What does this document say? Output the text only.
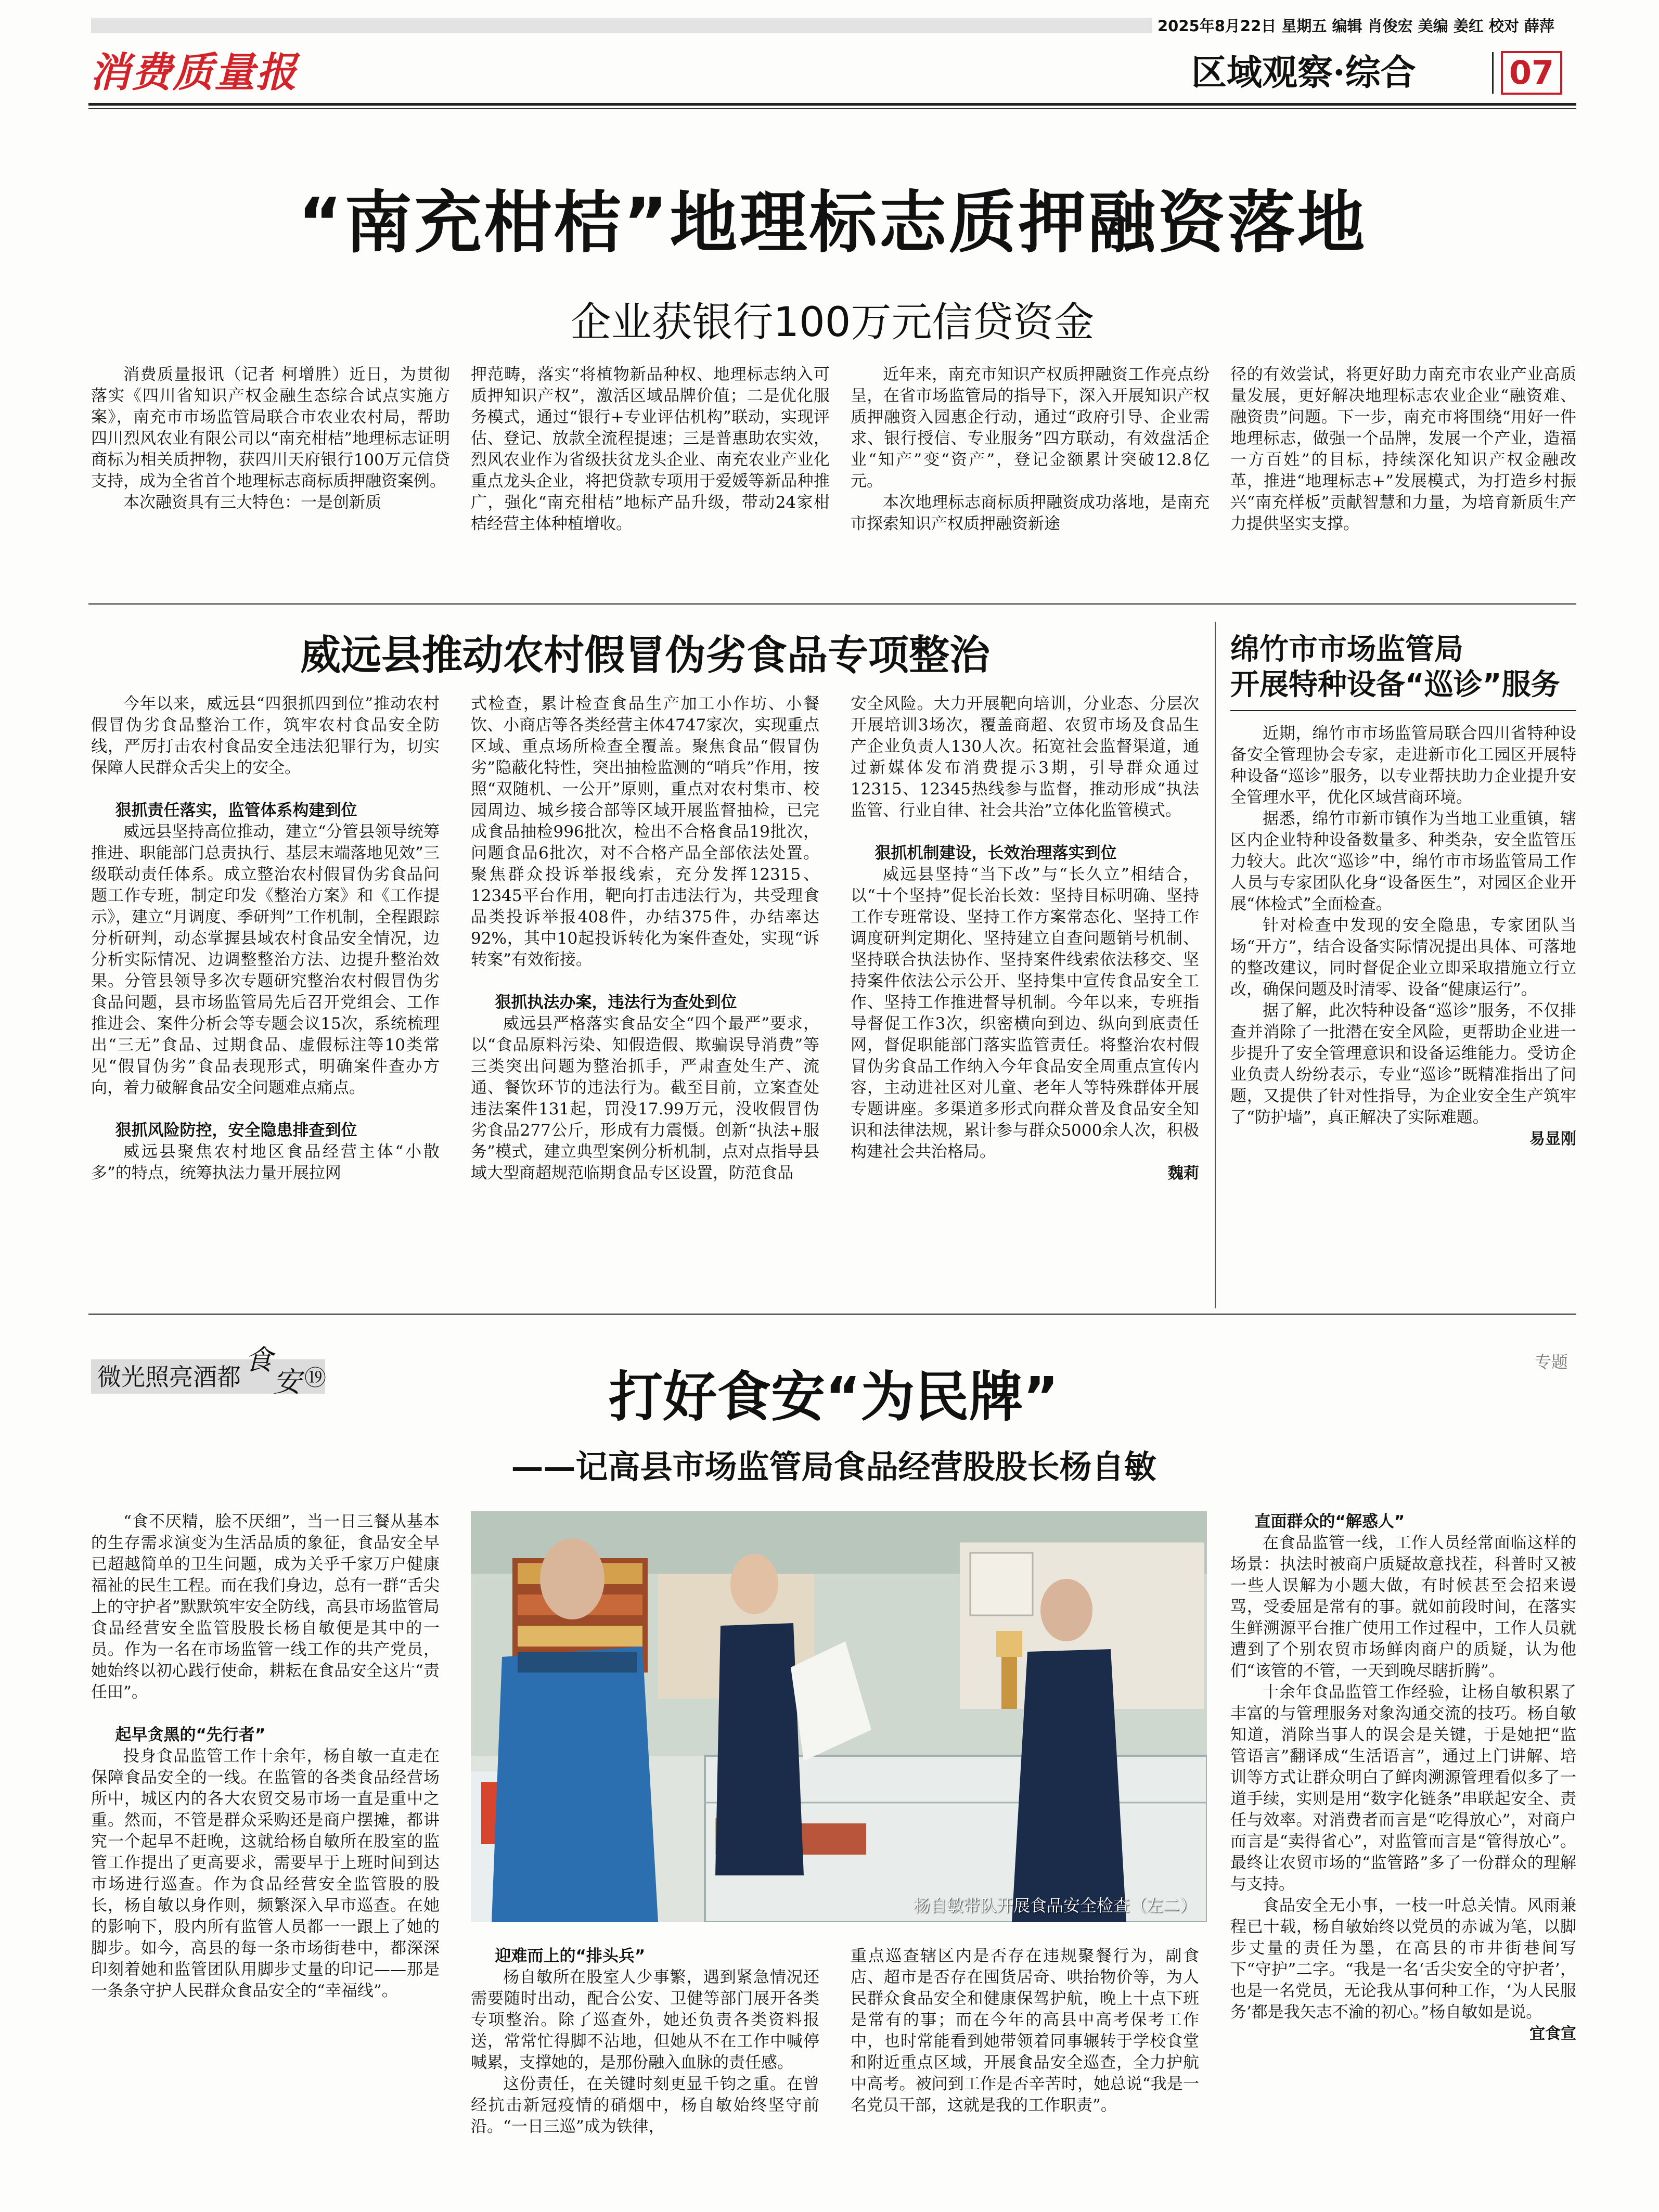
2025年8月22日 星期五 编辑 肖俊宏 美编 姜红 校对 薛萍
消费质量报	区域观察·综合	07
“南充柑桔”地理标志质押融资落地
企业获银行100万元信贷资金

消费质量报讯（记者 柯增胜）近日，为贯彻落实《四川省知识产权金融生态综合试点实施方案》，南充市市场监管局联合市农业农村局，帮助四川烈风农业有限公司以“南充柑桔”地理标志证明商标为相关质押物，获四川天府银行100万元信贷支持，成为全省首个地理标志商标质押融资案例。

本次融资具有三大特色：一是创新质

押范畴，落实“将植物新品种权、地理标志纳入可质押知识产权”，激活区域品牌价值；二是优化服务模式，通过“银行+专业评估机构”联动，实现评估、登记、放款全流程提速；三是普惠助农实效，烈风农业作为省级扶贫龙头企业、南充农业产业化重点龙头企业，将把贷款专项用于爱媛等新品种推广，强化“南充柑桔”地标产品升级，带动24家柑桔经营主体种植增收。

近年来，南充市知识产权质押融资工作亮点纷呈，在省市场监管局的指导下，深入开展知识产权质押融资入园惠企行动，通过“政府引导、企业需求、银行授信、专业服务”四方联动，有效盘活企业“知产”变“资产”，登记金额累计突破12.8亿元。

本次地理标志商标质押融资成功落地，是南充市探索知识产权质押融资新途

径的有效尝试，将更好助力南充市农业产业高质量发展，更好解决地理标志农业企业“融资难、融资贵”问题。下一步，南充市将围绕“用好一件地理标志，做强一个品牌，发展一个产业，造福一方百姓”的目标，持续深化知识产权金融改革，推进“地理标志+”发展模式，为打造乡村振兴“南充样板”贡献智慧和力量，为培育新质生产力提供坚实支撑。

威远县推动农村假冒伪劣食品专项整治

今年以来，威远县“四狠抓四到位”推动农村假冒伪劣食品整治工作，筑牢农村食品安全防线，严厉打击农村食品安全违法犯罪行为，切实保障人民群众舌尖上的安全。

狠抓责任落实，监管体系构建到位

威远县坚持高位推动，建立“分管县领导统筹推进、职能部门总责执行、基层末端落地见效”三级联动责任体系。成立整治农村假冒伪劣食品问题工作专班，制定印发《整治方案》和《工作提示》，建立“月调度、季研判”工作机制，全程跟踪分析研判，动态掌握县域农村食品安全情况，边分析实际情况、边调整整治方法、边提升整治效果。分管县领导多次专题研究整治农村假冒伪劣食品问题，县市场监管局先后召开党组会、工作推进会、案件分析会等专题会议15次，系统梳理出“三无”食品、过期食品、虚假标注等10类常见“假冒伪劣”食品表现形式，明确案件查办方向，着力破解食品安全问题难点痛点。

狠抓风险防控，安全隐患排查到位

威远县聚焦农村地区食品经营主体“小散多”的特点，统筹执法力量开展拉网

式检查，累计检查食品生产加工小作坊、小餐饮、小商店等各类经营主体4747家次，实现重点区域、重点场所检查全覆盖。聚焦食品“假冒伪劣”隐蔽化特性，突出抽检监测的“哨兵”作用，按照“双随机、一公开”原则，重点对农村集市、校园周边、城乡接合部等区域开展监督抽检，已完成食品抽检996批次，检出不合格食品19批次，问题食品6批次，对不合格产品全部依法处置。聚焦群众投诉举报线索，充分发挥12315、12345平台作用，靶向打击违法行为，共受理食品类投诉举报408件，办结375件，办结率达92%，其中10起投诉转化为案件查处，实现“诉转案”有效衔接。

狠抓执法办案，违法行为查处到位

威远县严格落实食品安全“四个最严”要求，以“食品原料污染、知假造假、欺骗误导消费”等三类突出问题为整治抓手，严肃查处生产、流通、餐饮环节的违法行为。截至目前，立案查处违法案件131起，罚没17.99万元，没收假冒伪劣食品277公斤，形成有力震慑。创新“执法+服务”模式，建立典型案例分析机制，点对点指导县域大型商超规范临期食品专区设置，防范食品

安全风险。大力开展靶向培训，分业态、分层次开展培训3场次，覆盖商超、农贸市场及食品生产企业负责人130人次。拓宽社会监督渠道，通过新媒体发布消费提示3期，引导群众通过12315、12345热线参与监督，推动形成“执法监管、行业自律、社会共治”立体化监管模式。

狠抓机制建设，长效治理落实到位

威远县坚持“当下改”与“长久立”相结合，以“十个坚持”促长治长效：坚持目标明确、坚持工作专班常设、坚持工作方案常态化、坚持工作调度研判定期化、坚持建立自查问题销号机制、坚持联合执法协作、坚持案件线索依法移交、坚持案件依法公示公开、坚持集中宣传食品安全工作、坚持工作推进督导机制。今年以来，专班指导督促工作3次，织密横向到边、纵向到底责任网，督促职能部门落实监管责任。将整治农村假冒伪劣食品工作纳入今年食品安全周重点宣传内容，主动进社区对儿童、老年人等特殊群体开展专题讲座。多渠道多形式向群众普及食品安全知识和法律法规，累计参与群众5000余人次，积极构建社会共治格局。

魏莉
绵竹市市场监管局
开展特种设备“巡诊”服务

近期，绵竹市市场监管局联合四川省特种设备安全管理协会专家，走进新市化工园区开展特种设备“巡诊”服务，以专业帮扶助力企业提升安全管理水平，优化区域营商环境。

据悉，绵竹市新市镇作为当地工业重镇，辖区内企业特种设备数量多、种类杂，安全监管压力较大。此次“巡诊”中，绵竹市市场监管局工作人员与专家团队化身“设备医生”，对园区企业开展“体检式”全面检查。

针对检查中发现的安全隐患，专家团队当场“开方”，结合设备实际情况提出具体、可落地的整改建议，同时督促企业立即采取措施立行立改，确保问题及时清零、设备“健康运行”。

据了解，此次特种设备“巡诊”服务，不仅排查并消除了一批潜在安全风险，更帮助企业进一步提升了安全管理意识和设备运维能力。受访企业负责人纷纷表示，专业“巡诊”既精准指出了问题，又提供了针对性指导，为企业安全生产筑牢了“防护墙”，真正解决了实际难题。

易显刚
微光照亮酒都
食
安 ⑲
专题
打好食安“为民牌”
——记高县市场监管局食品经营股股长杨自敏
杨自敏带队开展食品安全检查（左二）

“食不厌精，脍不厌细”，当一日三餐从基本的生存需求演变为生活品质的象征，食品安全早已超越简单的卫生问题，成为关乎千家万户健康福祉的民生工程。而在我们身边，总有一群“舌尖上的守护者”默默筑牢安全防线，高县市场监管局食品经营安全监管股股长杨自敏便是其中的一员。作为一名在市场监管一线工作的共产党员，她始终以初心践行使命，耕耘在食品安全这片“责任田”。

起早贪黑的“先行者”

投身食品监管工作十余年，杨自敏一直走在保障食品安全的一线。在监管的各类食品经营场所中，城区内的各大农贸交易市场一直是重中之重。然而，不管是群众采购还是商户摆摊，都讲究一个起早不赶晚，这就给杨自敏所在股室的监管工作提出了更高要求，需要早于上班时间到达市场进行巡查。作为食品经营安全监管股的股长，杨自敏以身作则，频繁深入早市巡查。在她的影响下，股内所有监管人员都一一跟上了她的脚步。如今，高县的每一条市场街巷中，都深深印刻着她和监管团队用脚步丈量的印记——那是一条条守护人民群众食品安全的“幸福线”。

迎难而上的“排头兵”

杨自敏所在股室人少事繁，遇到紧急情况还需要随时出动，配合公安、卫健等部门展开各类专项整治。除了巡查外，她还负责各类资料报送，常常忙得脚不沾地，但她从不在工作中喊停喊累，支撑她的，是那份融入血脉的责任感。

这份责任，在关键时刻更显千钧之重。在曾经抗击新冠疫情的硝烟中，杨自敏始终坚守前沿。“一日三巡”成为铁律，

重点巡查辖区内是否存在违规聚餐行为，副食店、超市是否存在囤货居奇、哄抬物价等，为人民群众食品安全和健康保驾护航，晚上十点下班是常有的事；而在今年的高县中高考保考工作中，也时常能看到她带领着同事辗转于学校食堂和附近重点区域，开展食品安全巡查，全力护航中高考。被问到工作是否辛苦时，她总说“我是一名党员干部，这就是我的工作职责”。

直面群众的“解惑人”

在食品监管一线，工作人员经常面临这样的场景：执法时被商户质疑故意找茬，科普时又被一些人误解为小题大做，有时候甚至会招来谩骂，受委屈是常有的事。就如前段时间，在落实生鲜溯源平台推广使用工作过程中，工作人员就遭到了个别农贸市场鲜肉商户的质疑，认为他们“该管的不管，一天到晚尽瞎折腾”。

十余年食品监管工作经验，让杨自敏积累了丰富的与管理服务对象沟通交流的技巧。杨自敏知道，消除当事人的误会是关键，于是她把“监管语言”翻译成“生活语言”，通过上门讲解、培训等方式让群众明白了鲜肉溯源管理看似多了一道手续，实则是用“数字化链条”串联起安全、责任与效率。对消费者而言是“吃得放心”，对商户而言是“卖得省心”，对监管而言是“管得放心”。最终让农贸市场的“监管路”多了一份群众的理解与支持。

食品安全无小事，一枝一叶总关情。风雨兼程已十载，杨自敏始终以党员的赤诚为笔，以脚步丈量的责任为墨，在高县的市井街巷间写下“守护”二字。“我是一名‘舌尖安全的守护者’，也是一名党员，无论我从事何种工作，‘为人民服务’都是我矢志不渝的初心。”杨自敏如是说。

宜食宣
